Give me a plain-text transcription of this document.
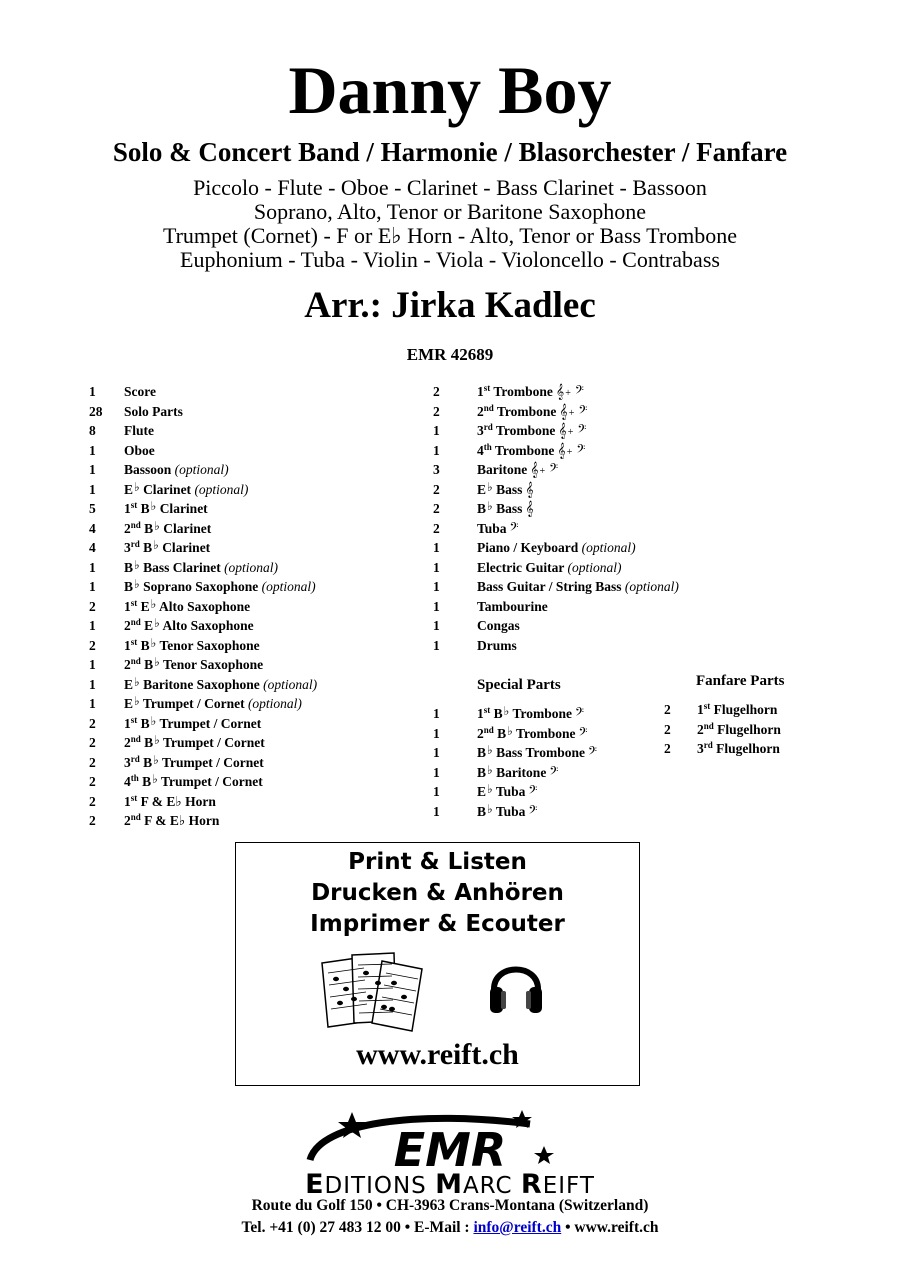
Danny Boy
Solo & Concert Band / Harmonie / Blasorchester / Fanfare
Piccolo - Flute - Oboe - Clarinet - Bass Clarinet - Bassoon
Soprano, Alto, Tenor or Baritone Saxophone
Trumpet (Cornet) - F or E♭ Horn - Alto, Tenor or Bass Trombone
Euphonium - Tuba - Violin - Viola - Violoncello - Contrabass
Arr.: Jirka Kadlec
EMR 42689
1 Score
28 Solo Parts
8 Flute
1 Oboe
1 Bassoon (optional)
1 E♭ Clarinet (optional)
5 1st B♭ Clarinet
4 2nd B♭ Clarinet
4 3rd B♭ Clarinet
1 B♭ Bass Clarinet (optional)
1 B♭ Soprano Saxophone (optional)
2 1st E♭ Alto Saxophone
1 2nd E♭ Alto Saxophone
2 1st B♭ Tenor Saxophone
1 2nd B♭ Tenor Saxophone
1 E♭ Baritone Saxophone (optional)
1 E♭ Trumpet / Cornet (optional)
2 1st B♭ Trumpet / Cornet
2 2nd B♭ Trumpet / Cornet
2 3rd B♭ Trumpet / Cornet
2 4th B♭ Trumpet / Cornet
2 1st F & E♭ Horn
2 2nd F & E♭ Horn
2	1st Trombone 𝄞+ 𝄢
2	2nd Trombone 𝄞+ 𝄢
1	3rd Trombone 𝄞+ 𝄢
1	4th Trombone 𝄞+ 𝄢
3	Baritone 𝄞+ 𝄢
2	E♭ Bass 𝄞
2	B♭ Bass 𝄞
2	Tuba 𝄢
1	Piano / Keyboard (optional)
1	Electric Guitar (optional)
1	Bass Guitar / String Bass (optional)
1	Tambourine
1	Congas
1	Drums
Special Parts
1	1st B♭ Trombone 𝄢
1	2nd B♭ Trombone 𝄢
1	B♭ Bass Trombone 𝄢
1	B♭ Baritone 𝄢
1	E♭ Tuba 𝄢
1	B♭ Tuba 𝄢
Fanfare Parts
2 1st Flugelhorn
2 2nd Flugelhorn
2 3rd Flugelhorn
Print & Listen
Drucken & Anhören
Imprimer & Ecouter
www.reift.ch
EMR
EDITIONS MARC REIFT
Route du Golf 150 • CH-3963 Crans-Montana (Switzerland)
Tel. +41 (0) 27 483 12 00 • E-Mail : info@reift.ch • www.reift.ch
